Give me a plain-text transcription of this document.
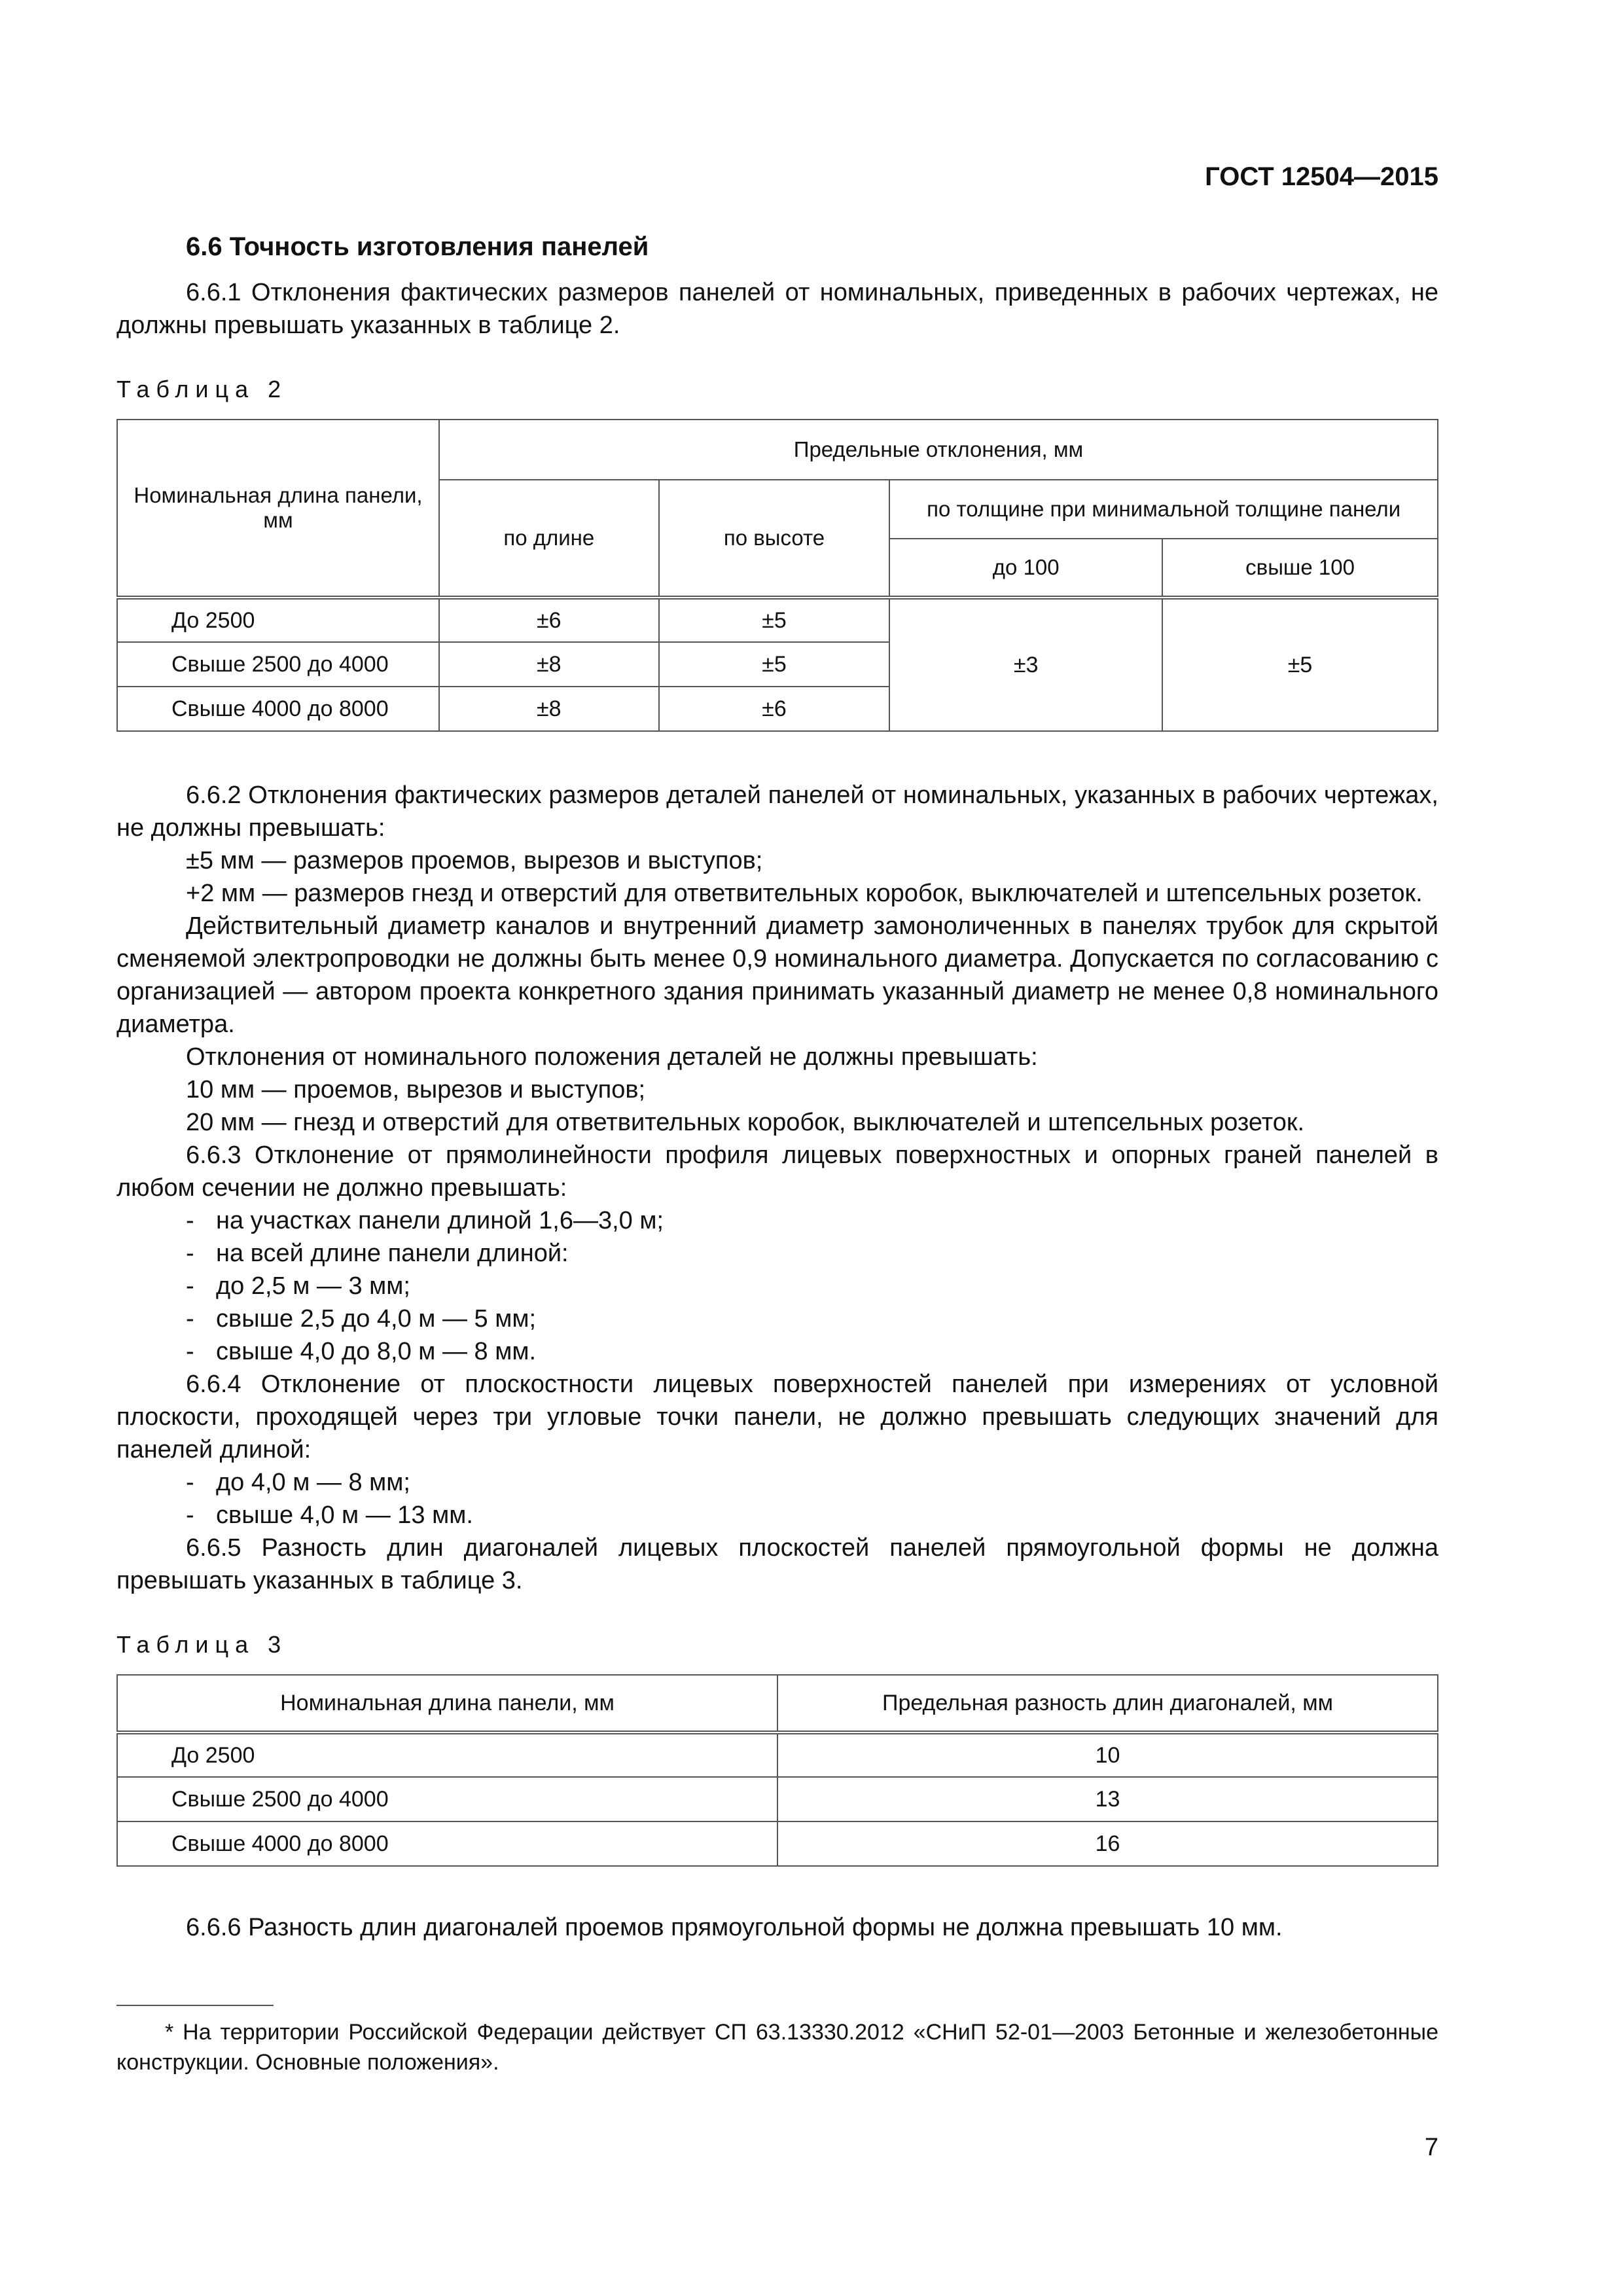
ГОСТ 12504—2015
6.6 Точность изготовления панелей

6.6.1 Отклонения фактических размеров панелей от номинальных, приведенных в рабочих чертежах, не должны превышать указанных в таблице 2.

Таблица 2
Номинальная длина панели, мм	Предельные отклонения, мм			
	по длине	по высоте	по толщине при минимальной толщине панели	
			до 100	свыше 100
До 2500	±6	±5	±3	±5
Свыше 2500 до 4000	±8	±5		
Свыше 4000 до 8000	±8	±6		

6.6.2 Отклонения фактических размеров деталей панелей от номинальных, указанных в рабочих чертежах, не должны превышать:

±5 мм — размеров проемов, вырезов и выступов;

+2 мм — размеров гнезд и отверстий для ответвительных коробок, выключателей и штепсельных розеток.

Действительный диаметр каналов и внутренний диаметр замоноличенных в панелях трубок для скрытой сменяемой электропроводки не должны быть менее 0,9 номинального диаметра. Допускается по согласованию с организацией — автором проекта конкретного здания принимать указанный диаметр не менее 0,8 номинального диаметра.

Отклонения от номинального положения деталей не должны превышать:

10 мм — проемов, вырезов и выступов;

20 мм — гнезд и отверстий для ответвительных коробок, выключателей и штепсельных розеток.

6.6.3 Отклонение от прямолинейности профиля лицевых поверхностных и опорных граней панелей в любом сечении не должно превышать:

- на участках панели длиной 1,6—3,0 м;

- на всей длине панели длиной:

- до 2,5 м — 3 мм;

- свыше 2,5 до 4,0 м — 5 мм;

- свыше 4,0 до 8,0 м — 8 мм.

6.6.4 Отклонение от плоскостности лицевых поверхностей панелей при измерениях от условной плоскости, проходящей через три угловые точки панели, не должно превышать следующих значений для панелей длиной:

- до 4,0 м — 8 мм;

- свыше 4,0 м — 13 мм.

6.6.5 Разность длин диагоналей лицевых плоскостей панелей прямоугольной формы не должна превышать указанных в таблице 3.

Таблица 3
Номинальная длина панели, мм	Предельная разность длин диагоналей, мм
До 2500	10
Свыше 2500 до 4000	13
Свыше 4000 до 8000	16

6.6.6 Разность длин диагоналей проемов прямоугольной формы не должна превышать 10 мм.

* На территории Российской Федерации действует СП 63.13330.2012 «СНиП 52-01—2003 Бетонные и железобетонные конструкции. Основные положения».
7
